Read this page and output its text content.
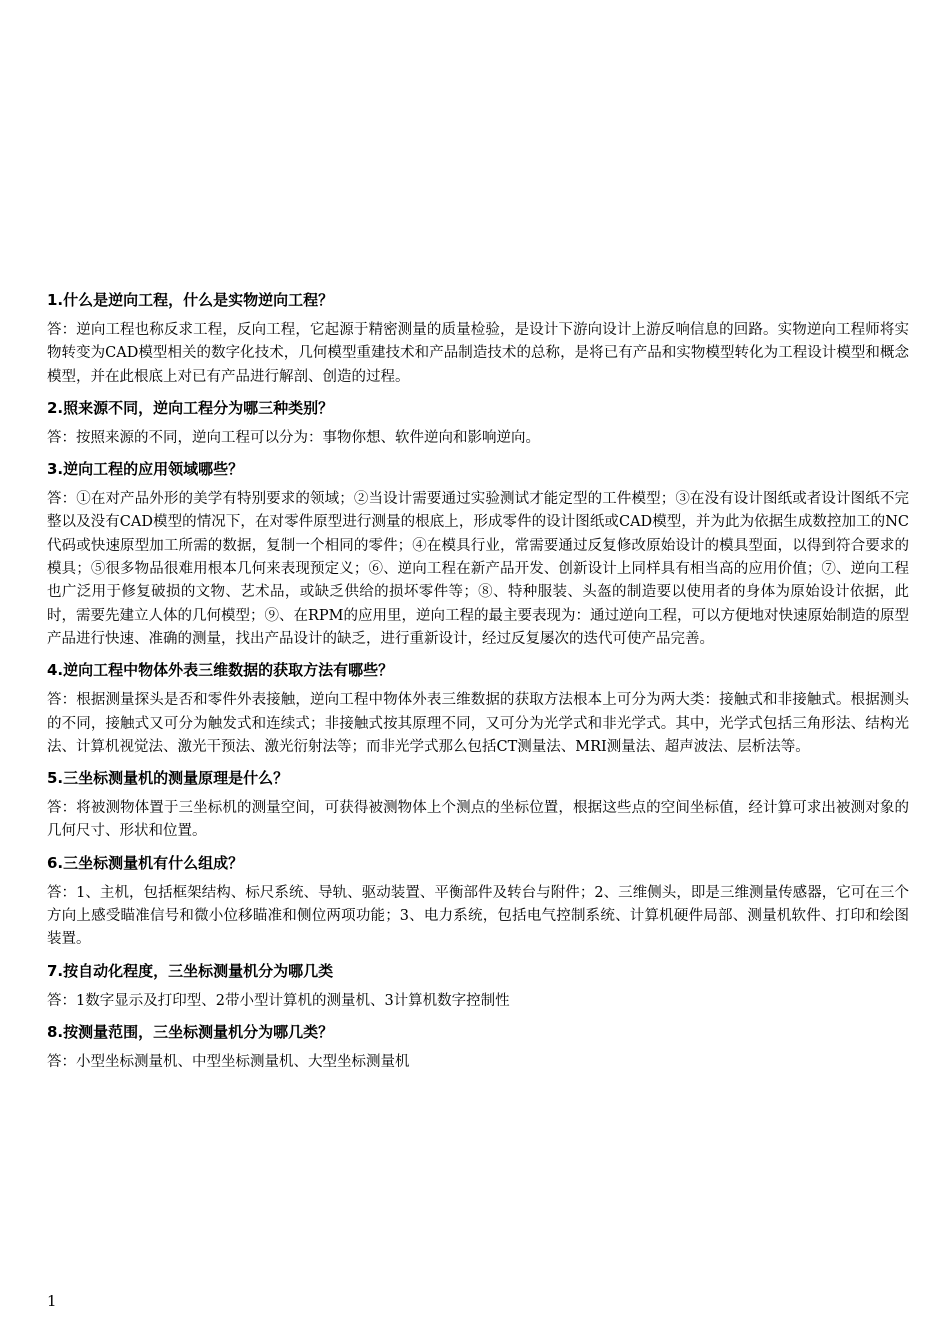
1.什么是逆向工程，什么是实物逆向工程？
答：逆向工程也称反求工程，反向工程，它起源于精密测量的质量检验，是设计下游向设计上游反响信息的回路。实物逆向工程师将实物转变为CAD模型相关的数字化技术，几何模型重建技术和产品制造技术的总称，是将已有产品和实物模型转化为工程设计模型和概念模型，并在此根底上对已有产品进行解剖、创造的过程。
2.照来源不同，逆向工程分为哪三种类别？
答：按照来源的不同，逆向工程可以分为：事物你想、软件逆向和影响逆向。
3.逆向工程的应用领域哪些？
答：①在对产品外形的美学有特别要求的领域；②当设计需要通过实验测试才能定型的工件模型；③在没有设计图纸或者设计图纸不完整以及没有CAD模型的情况下，在对零件原型进行测量的根底上，形成零件的设计图纸或CAD模型，并为此为依据生成数控加工的NC代码或快速原型加工所需的数据，复制一个相同的零件；④在模具行业，常需要通过反复修改原始设计的模具型面，以得到符合要求的模具；⑤很多物品很难用根本几何来表现预定义；⑥、逆向工程在新产品开发、创新设计上同样具有相当高的应用价值；⑦、逆向工程也广泛用于修复破损的文物、艺术品，或缺乏供给的损坏零件等；⑧、特种服装、头盔的制造要以使用者的身体为原始设计依据，此时，需要先建立人体的几何模型；⑨、在RPM的应用里，逆向工程的最主要表现为：通过逆向工程，可以方便地对快速原始制造的原型产品进行快速、准确的测量，找出产品设计的缺乏，进行重新设计，经过反复屡次的迭代可使产品完善。
4.逆向工程中物体外表三维数据的获取方法有哪些？
答：根据测量探头是否和零件外表接触，逆向工程中物体外表三维数据的获取方法根本上可分为两大类：接触式和非接触式。根据测头的不同，接触式又可分为触发式和连续式；非接触式按其原理不同，又可分为光学式和非光学式。其中，光学式包括三角形法、结构光法、计算机视觉法、激光干预法、激光衍射法等；而非光学式那么包括CT测量法、MRI测量法、超声波法、层析法等。
5.三坐标测量机的测量原理是什么？
答：将被测物体置于三坐标机的测量空间，可获得被测物体上个测点的坐标位置，根据这些点的空间坐标值，经计算可求出被测对象的几何尺寸、形状和位置。
6.三坐标测量机有什么组成？
答：1、主机，包括框架结构、标尺系统、导轨、驱动装置、平衡部件及转台与附件；2、三维侧头，即是三维测量传感器，它可在三个方向上感受瞄准信号和微小位移瞄准和侧位两项功能；3、电力系统，包括电气控制系统、计算机硬件局部、测量机软件、打印和绘图装置。
7.按自动化程度，三坐标测量机分为哪几类
答：1数字显示及打印型、2带小型计算机的测量机、3计算机数字控制性
8.按测量范围，三坐标测量机分为哪几类？
答：小型坐标测量机、中型坐标测量机、大型坐标测量机
1
